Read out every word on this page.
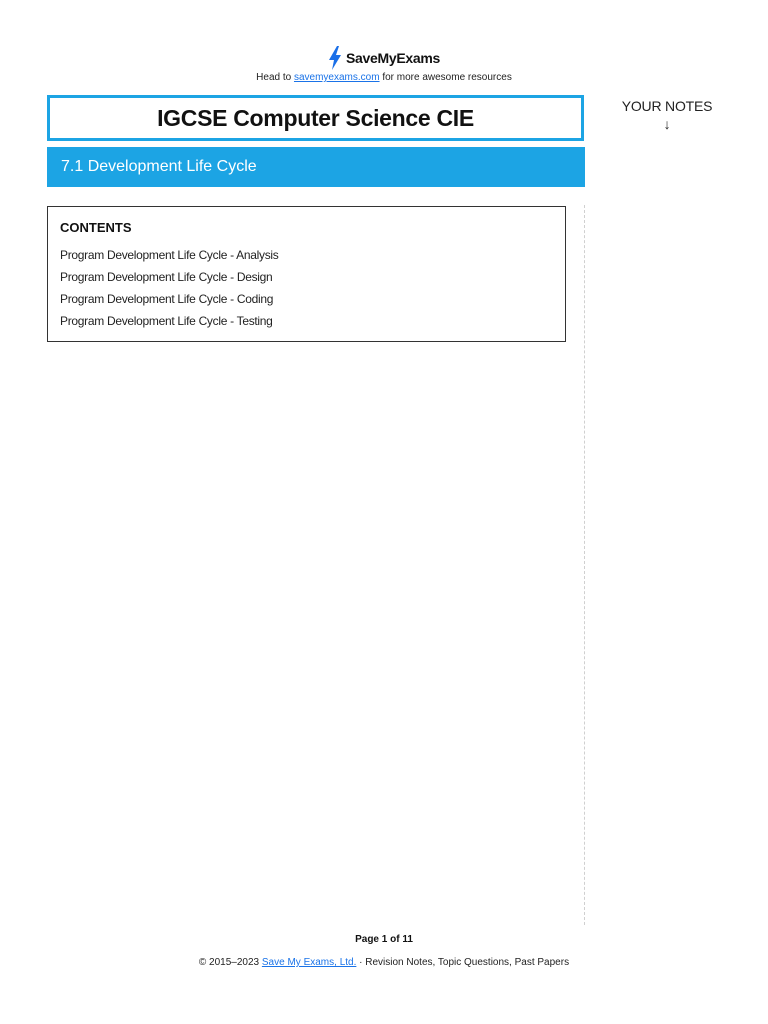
SaveMyExams
Head to savemyexams.com for more awesome resources
IGCSE Computer Science CIE
7.1 Development Life Cycle
YOUR NOTES
↓
CONTENTS
Program Development Life Cycle - Analysis
Program Development Life Cycle - Design
Program Development Life Cycle - Coding
Program Development Life Cycle - Testing
Page 1 of 11
© 2015–2023 Save My Exams, Ltd. · Revision Notes, Topic Questions, Past Papers
